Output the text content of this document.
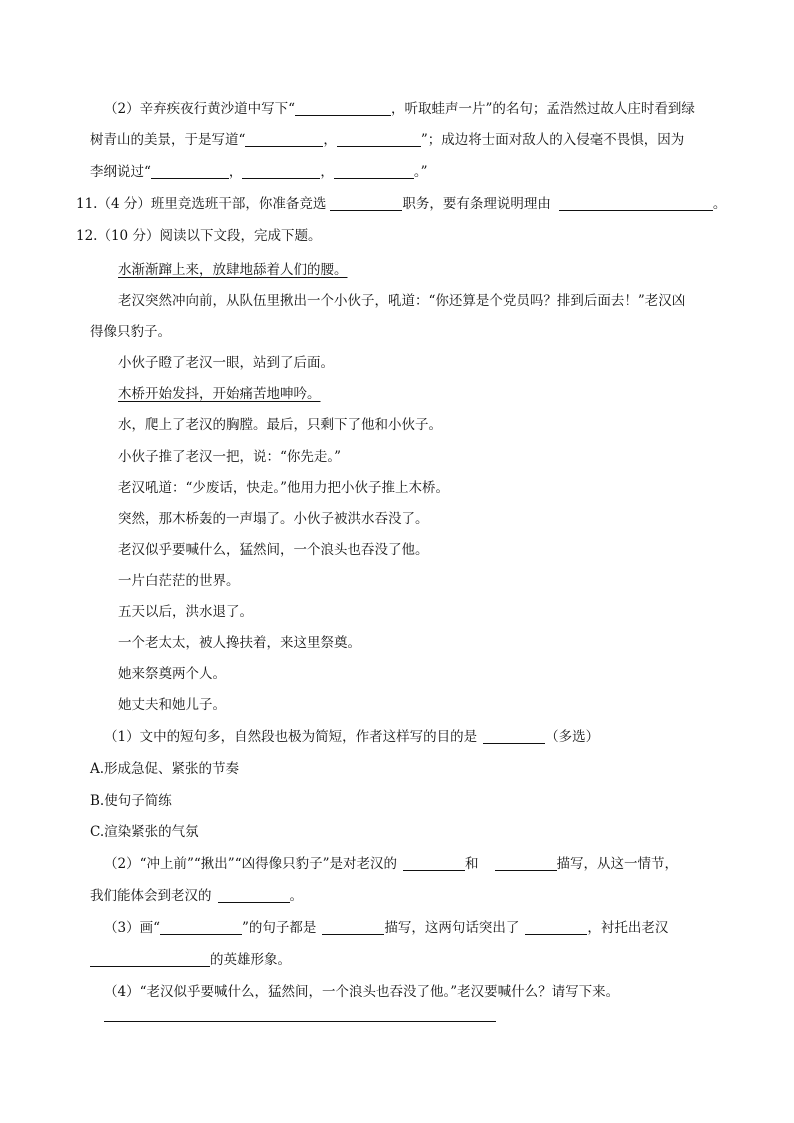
（2）辛弃疾夜行黄沙道中写下“	，听取蛙声一片”的名句；孟浩然过故人庄时看到绿
树青山的美景，于是写道“	，	”；成边将士面对敌人的入侵毫不畏惧，因为
李纲说过“	，	，	。”
11.（4 分）班里竞选班干部，你准备竞选	职务，要有条理说明理由	。
12.（10 分）阅读以下文段，完成下题。
水渐渐蹿上来，放肆地舔着人们的腰。
老汉突然冲向前，从队伍里揪出一个小伙子，吼道：“你还算是个党员吗？排到后面去！”老汉凶
得像只豹子。
小伙子瞪了老汉一眼，站到了后面。
木桥开始发抖，开始痛苦地呻吟。
水，爬上了老汉的胸膛。最后，只剩下了他和小伙子。
小伙子推了老汉一把，说：“你先走。”
老汉吼道：“少废话，快走。”他用力把小伙子推上木桥。
突然，那木桥轰的一声塌了。小伙子被洪水吞没了。
老汉似乎要喊什么，猛然间，一个浪头也吞没了他。
一片白茫茫的世界。
五天以后，洪水退了。
一个老太太，被人搀扶着，来这里祭奠。
她来祭奠两个人。
她丈夫和她儿子。
（1）文中的短句多，自然段也极为简短，作者这样写的目的是	（多选）
A.形成急促、紧张的节奏
B.使句子简练
C.渲染紧张的气氛
（2）“冲上前”“揪出”“凶得像只豹子”是对老汉的	和	描写，从这一情节，
我们能体会到老汉的	。
（3）画“	”的句子都是	描写，这两句话突出了	，衬托出老汉
的英雄形象。
（4）“老汉似乎要喊什么，猛然间，一个浪头也吞没了他。”老汉要喊什么？请写下来。
